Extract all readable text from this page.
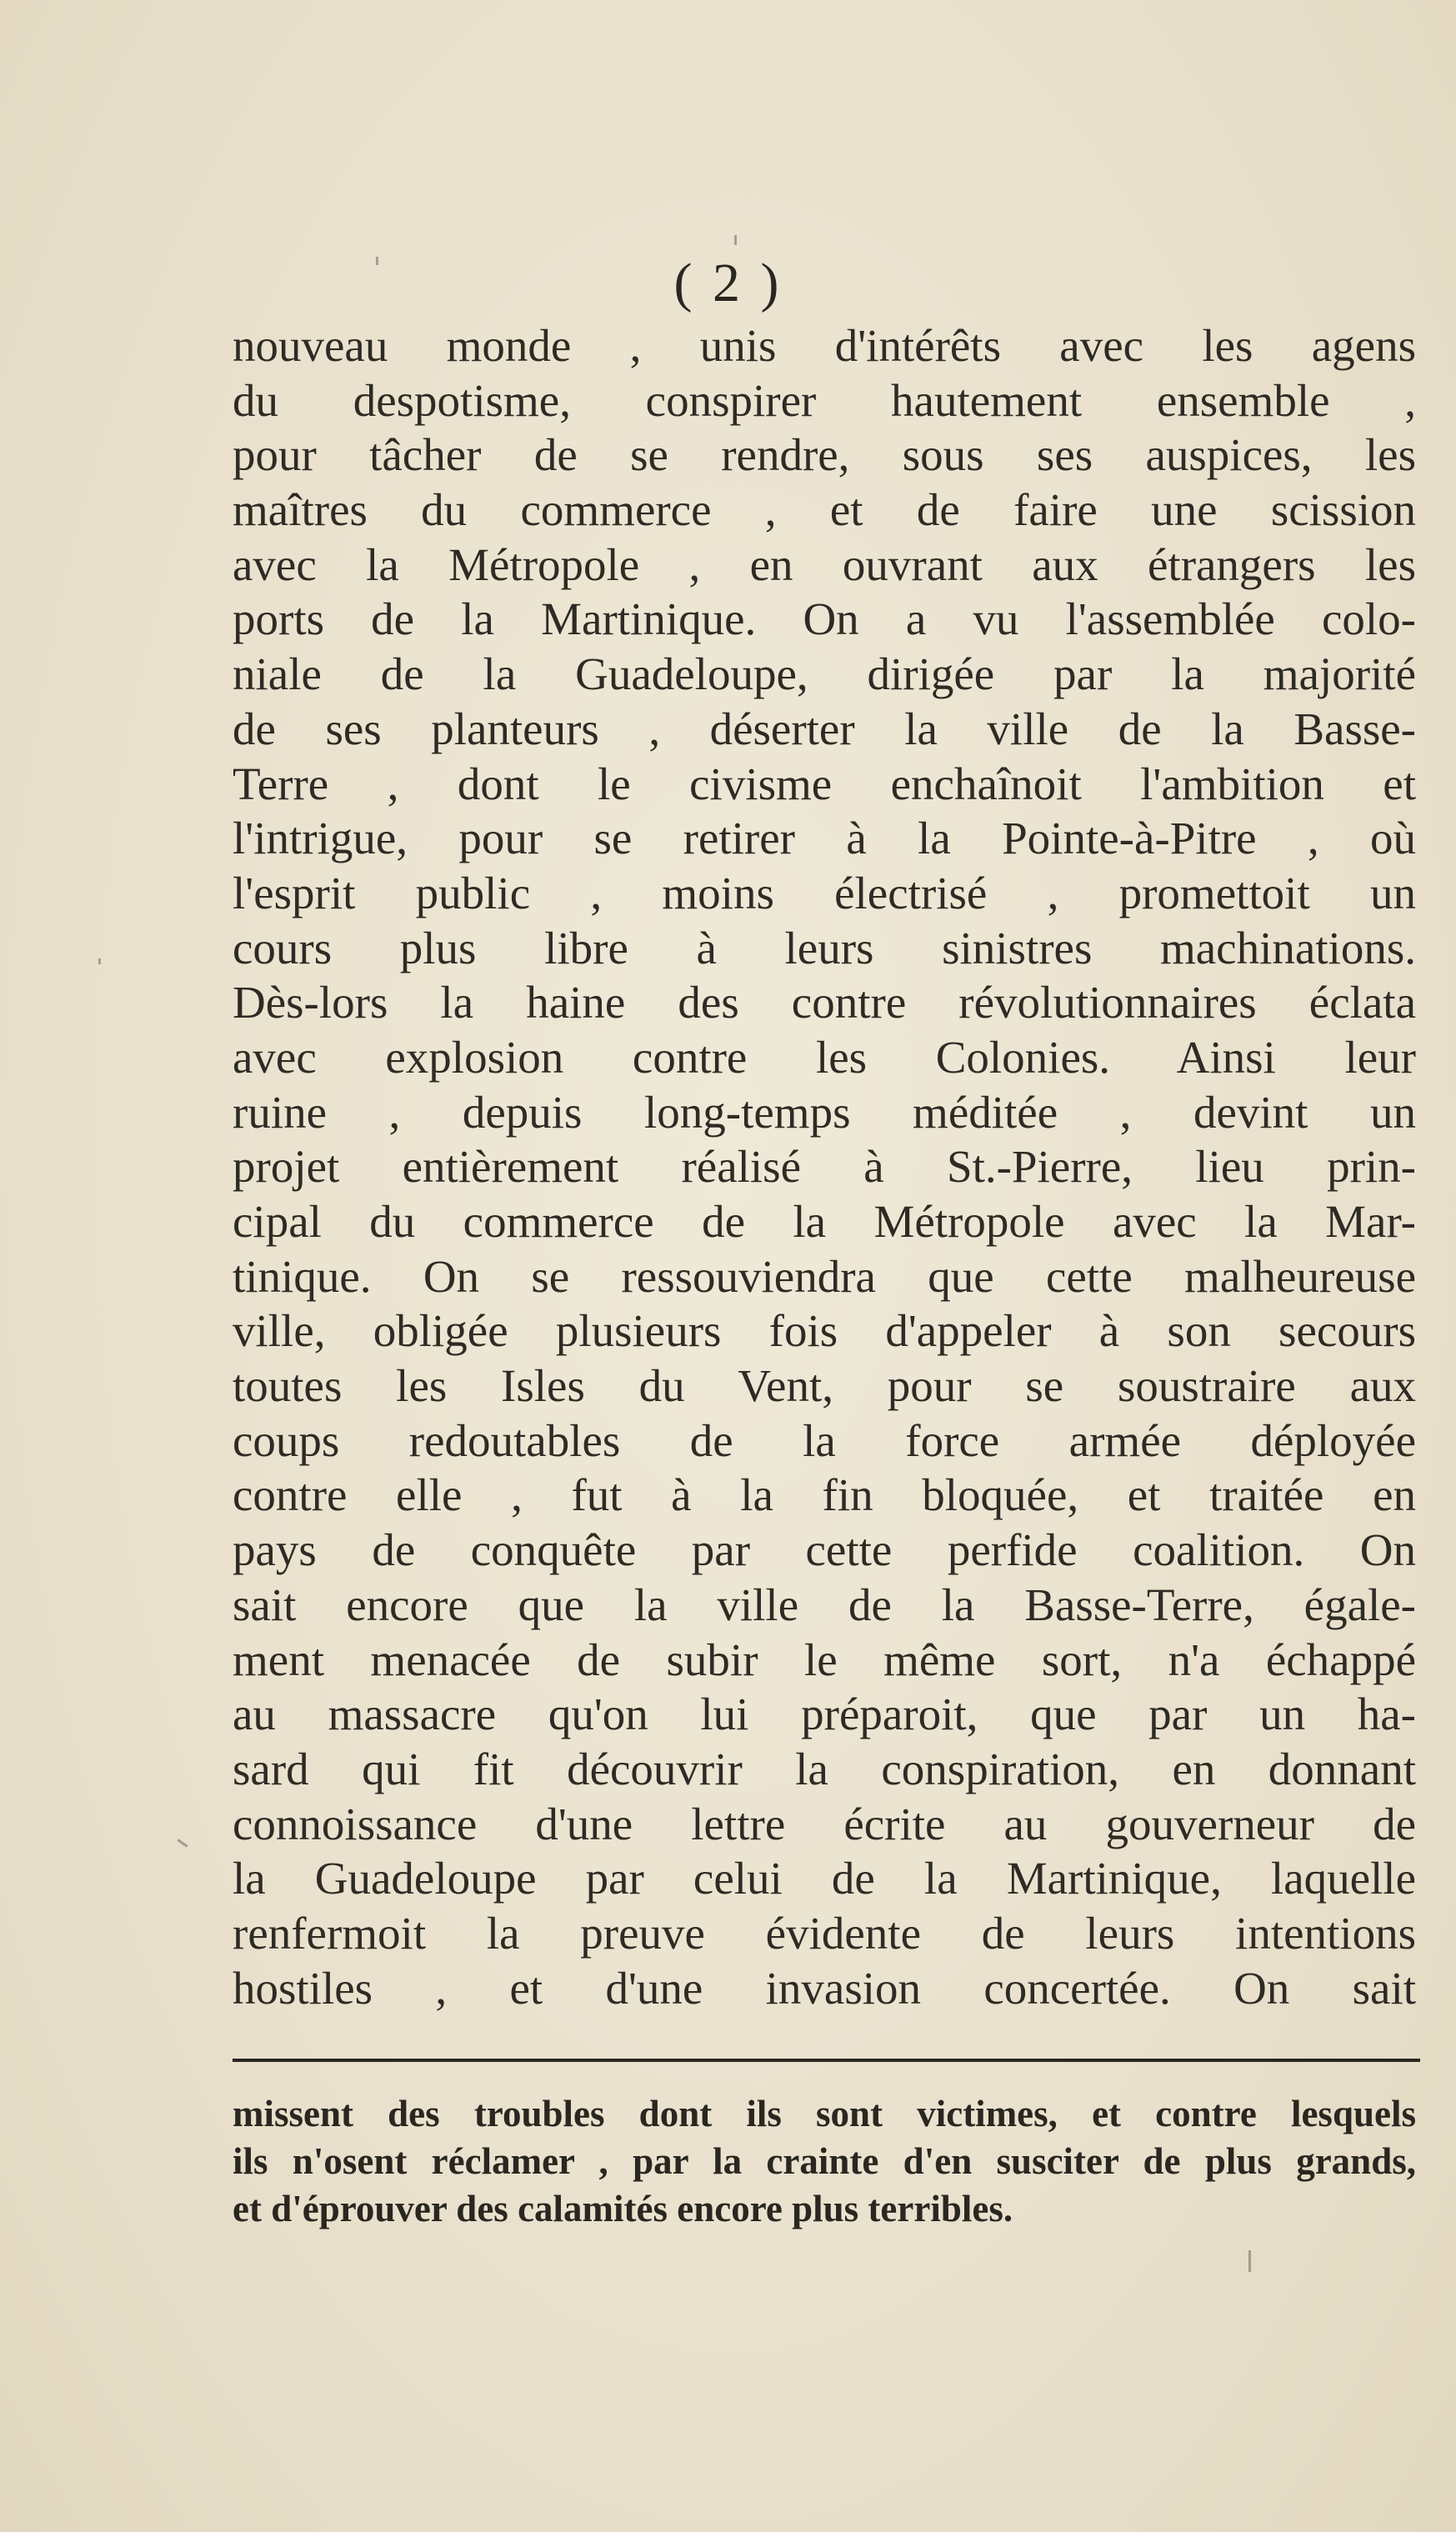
( 2 )
nouveau monde , unis d'intérêts avec les agens
du despotisme, conspirer hautement ensemble ,
pour tâcher de se rendre, sous ses auspices, les
maîtres du commerce , et de faire une scission
avec la Métropole , en ouvrant aux étrangers les
ports de la Martinique. On a vu l'assemblée colo-
niale de la Guadeloupe, dirigée par la majorité
de ses planteurs , déserter la ville de la Basse-
Terre , dont le civisme enchaînoit l'ambition et
l'intrigue, pour se retirer à la Pointe-à-Pitre , où
l'esprit public , moins électrisé , promettoit un
cours plus libre à leurs sinistres machinations.
Dès-lors la haine des contre révolutionnaires éclata
avec explosion contre les Colonies. Ainsi leur
ruine , depuis long-temps méditée , devint un
projet entièrement réalisé à St.-Pierre, lieu prin-
cipal du commerce de la Métropole avec la Mar-
tinique. On se ressouviendra que cette malheureuse
ville, obligée plusieurs fois d'appeler à son secours
toutes les Isles du Vent, pour se soustraire aux
coups redoutables de la force armée déployée
contre elle , fut à la fin bloquée, et traitée en
pays de conquête par cette perfide coalition. On
sait encore que la ville de la Basse-Terre, égale-
ment menacée de subir le même sort, n'a échappé
au massacre qu'on lui préparoit, que par un ha-
sard qui fit découvrir la conspiration, en donnant
connoissance d'une lettre écrite au gouverneur de
la Guadeloupe par celui de la Martinique, laquelle
renfermoit la preuve évidente de leurs intentions
hostiles , et d'une invasion concertée. On sait
missent des troubles dont ils sont victimes, et contre lesquels
ils n'osent réclamer , par la crainte d'en susciter de plus grands,
et d'éprouver des calamités encore plus terribles.
